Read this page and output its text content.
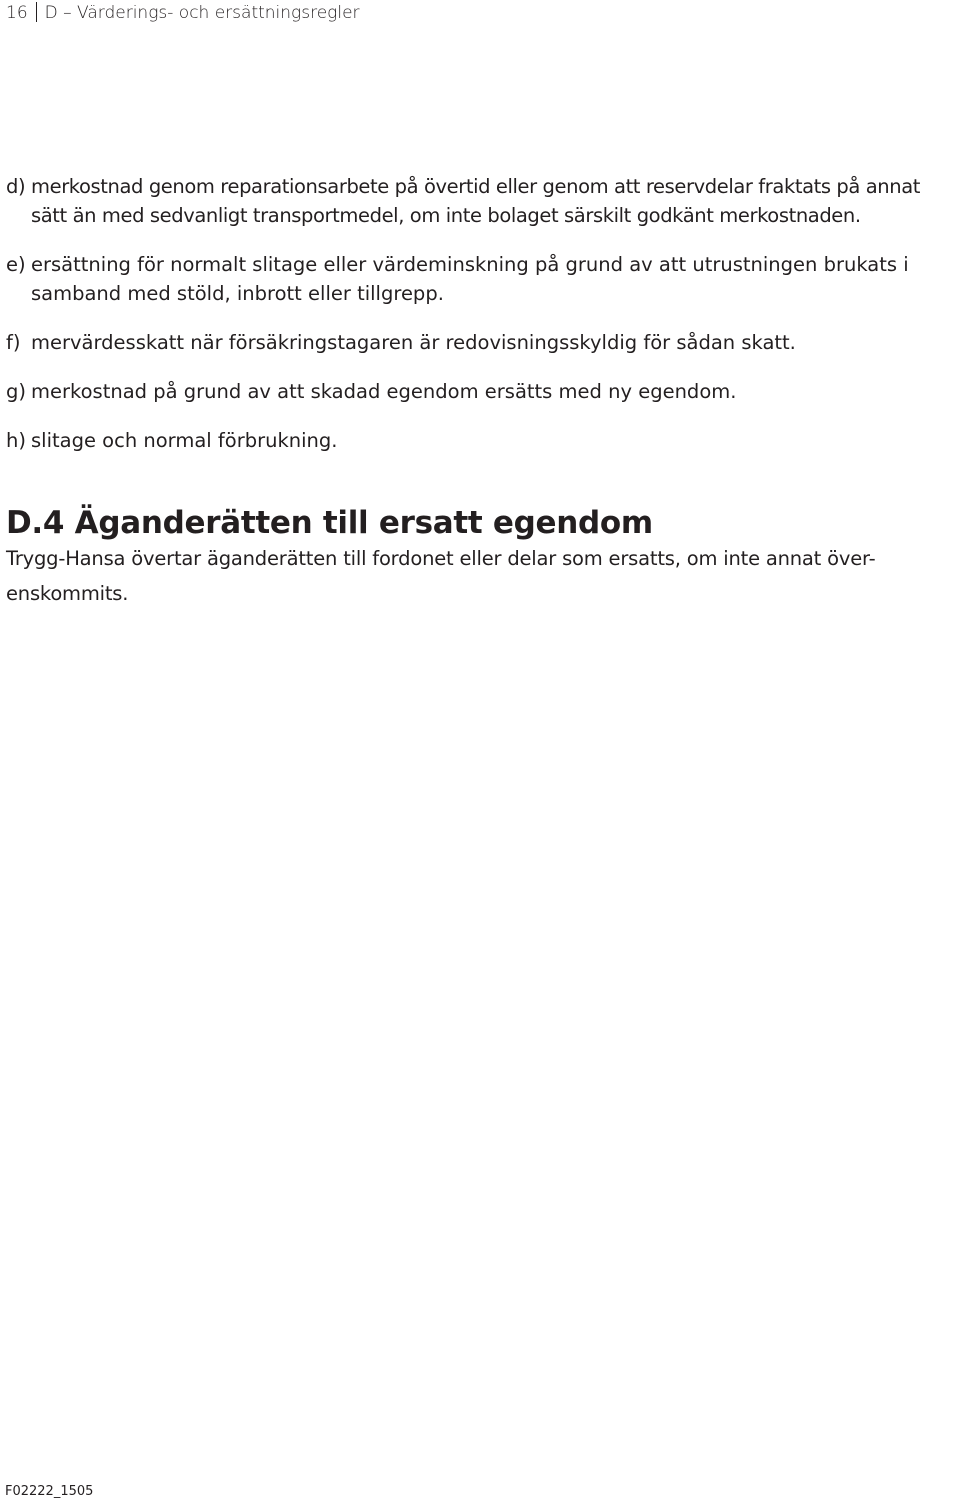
16 D – Värderings- och ersättningsregler
d) merkostnad genom reparationsarbete på övertid eller genom att reservdelar fraktats på annat sätt än med sedvanligt transportmedel, om inte bolaget särskilt godkänt merkostnaden.
e) ersättning för normalt slitage eller värdeminskning på grund av att utrustningen brukats i samband med stöld, inbrott eller tillgrepp.
f) mervärdesskatt när försäkringstagaren är redovisningsskyldig för sådan skatt.
g) merkostnad på grund av att skadad egendom ersätts med ny egendom.
h) slitage och normal förbrukning.
D.4 Äganderätten till ersatt egendom

Trygg-Hansa övertar äganderätten till fordonet eller delar som ersatts, om inte annat över-enskommits.

F02222_1505
